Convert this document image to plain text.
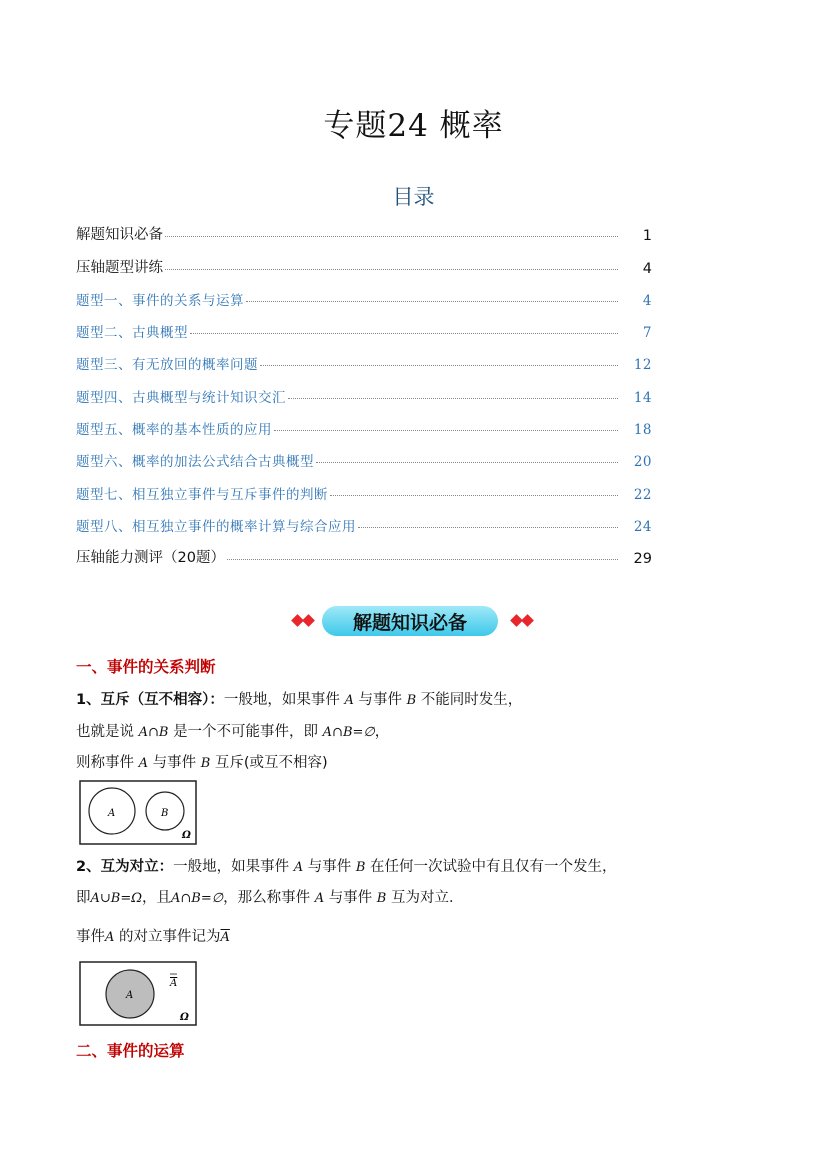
专题24 概率
目录
解题知识必备	1
压轴题型讲练	4
题型一、事件的关系与运算	4
题型二、古典概型	7
题型三、有无放回的概率问题	12
题型四、古典概型与统计知识交汇	14
题型五、概率的基本性质的应用	18
题型六、概率的加法公式结合古典概型	20
题型七、相互独立事件与互斥事件的判断	22
题型八、相互独立事件的概率计算与综合应用	24
压轴能力测评（20题）	29
解题知识必备
一、事件的关系判断
1、互斥（互不相容）：一般地，如果事件 A 与事件 B 不能同时发生，
也就是说 A∩B 是一个不可能事件，即 A∩B=∅，
则称事件 A 与事件 B 互斥(或互不相容)
A	B
Ω
2、互为对立：一般地，如果事件 A 与事件 B 在任何一次试验中有且仅有一个发生，
即A∪B=Ω，且A∩B=∅，那么称事件 A 与事件 B 互为对立．
事件A 的对立事件记为$\overline{A}$
A
A
Ω
二、事件的运算
